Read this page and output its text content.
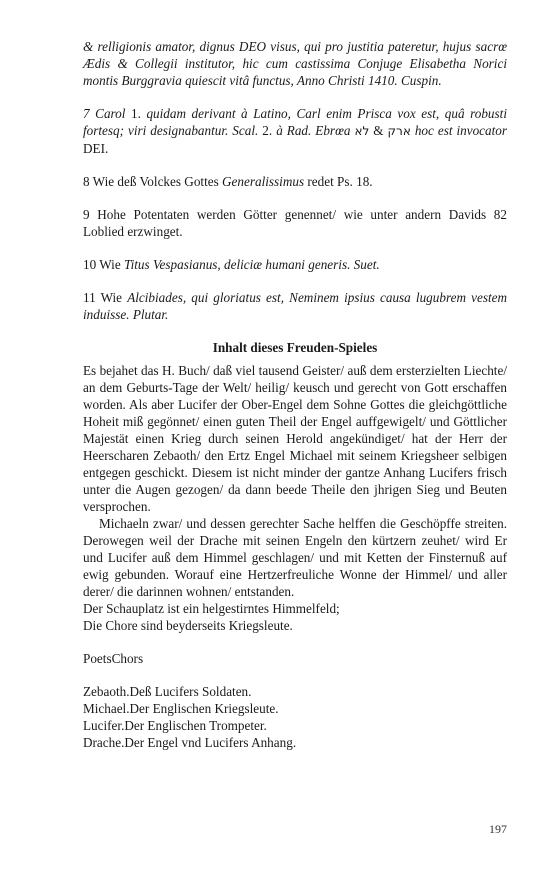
& relligionis amator, dignus DEO visus, qui pro justitia pateretur, hujus sacrœ Ædis & Collegii institutor, hic cum castissima Conjuge Elisabetha Norici montis Burggravia quiescit vitâ functus, Anno Christi 1410. Cuspin.

7 Carol 1. quidam derivant à Latino, Carl enim Prisca vox est, quâ robusti fortesq; viri designabantur. Scal. 2. à Rad. Ebrœa	ארק & לא	hoc est invocator DEI.

8 Wie deß Volckes Gottes Generalissimus redet Ps. 18.

9 Hohe Potentaten werden Götter genennet/ wie unter andern Davids 82 Loblied erzwinget.

10 Wie Titus Vespasianus, deliciæ humani generis. Suet.

11 Wie Alcibiades, qui gloriatus est, Neminem ipsius causa lugubrem vestem induisse. Plutar.

Inhalt dieses Freuden-Spieles

Es bejahet das H. Buch/ daß viel tausend Geister/ auß dem ersterzielten Liechte/ an dem Geburts-Tage der Welt/ heilig/ keusch und gerecht von Gott erschaffen worden. Als aber Lucifer der Ober-Engel dem Sohne Gottes die gleichgöttliche Hoheit miß gegönnet/ einen guten Theil der Engel auffgewigelt/ und Göttlicher Majestät einen Krieg durch seinen Herold angekündiget/ hat der Herr der Heerscharen Zebaoth/ den Ertz Engel Michael mit seinem Kriegsheer selbigen entgegen geschickt. Diesem ist nicht minder der gantze Anhang Lucifers frisch unter die Augen gezogen/ da dann beede Theile den jhrigen Sieg und Beuten versprochen.

Michaeln zwar/ und dessen gerechter Sache helffen die Geschöpffe streiten. Derowegen weil der Drache mit seinen Engeln den kürtzern zeuhet/ wird Er und Lucifer auß dem Himmel geschlagen/ und mit Ketten der Finsternuß auf ewig gebunden. Worauf eine Hertzerfreuliche Wonne der Himmel/ und aller derer/ die darinnen wohnen/ entstanden.

Der Schauplatz ist ein helgestirntes Himmelfeld;

Die Chore sind beyderseits Kriegsleute.

PoetsChors

Zebaoth.Deß Lucifers Soldaten.

Michael.Der Englischen Kriegsleute.

Lucifer.Der Englischen Trompeter.

Drache.Der Engel vnd Lucifers Anhang.

197
